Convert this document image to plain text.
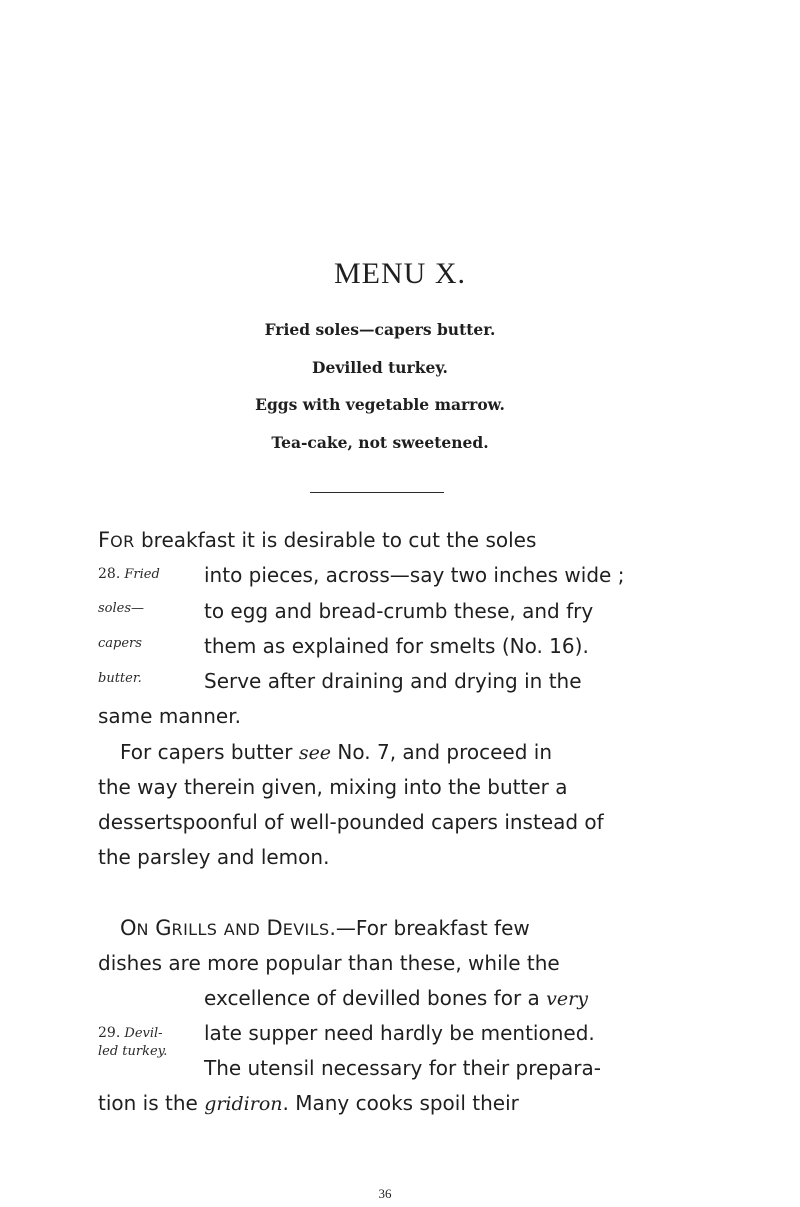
MENU X.
Fried soles—capers butter.
Devilled turkey.
Eggs with vegetable marrow.
Tea-cake, not sweetened.
FOR breakfast it is desirable to cut the soles
into pieces, across—say two inches wide ;
to egg and bread-crumb these, and fry
them as explained for smelts (No. 16).
Serve after draining and drying in the
same manner.
For capers butter see No. 7, and proceed in
the way therein given, mixing into the butter a
dessertspoonful of well-pounded capers instead of
the parsley and lemon.
28. Fried
soles—
capers
butter.
ON GRILLS AND DEVILS.—For breakfast few
dishes are more popular than these, while the
excellence of devilled bones for a very
late supper need hardly be mentioned.
The utensil necessary for their prepara-
tion is the gridiron. Many cooks spoil their
29. Devil-
led turkey.
36
